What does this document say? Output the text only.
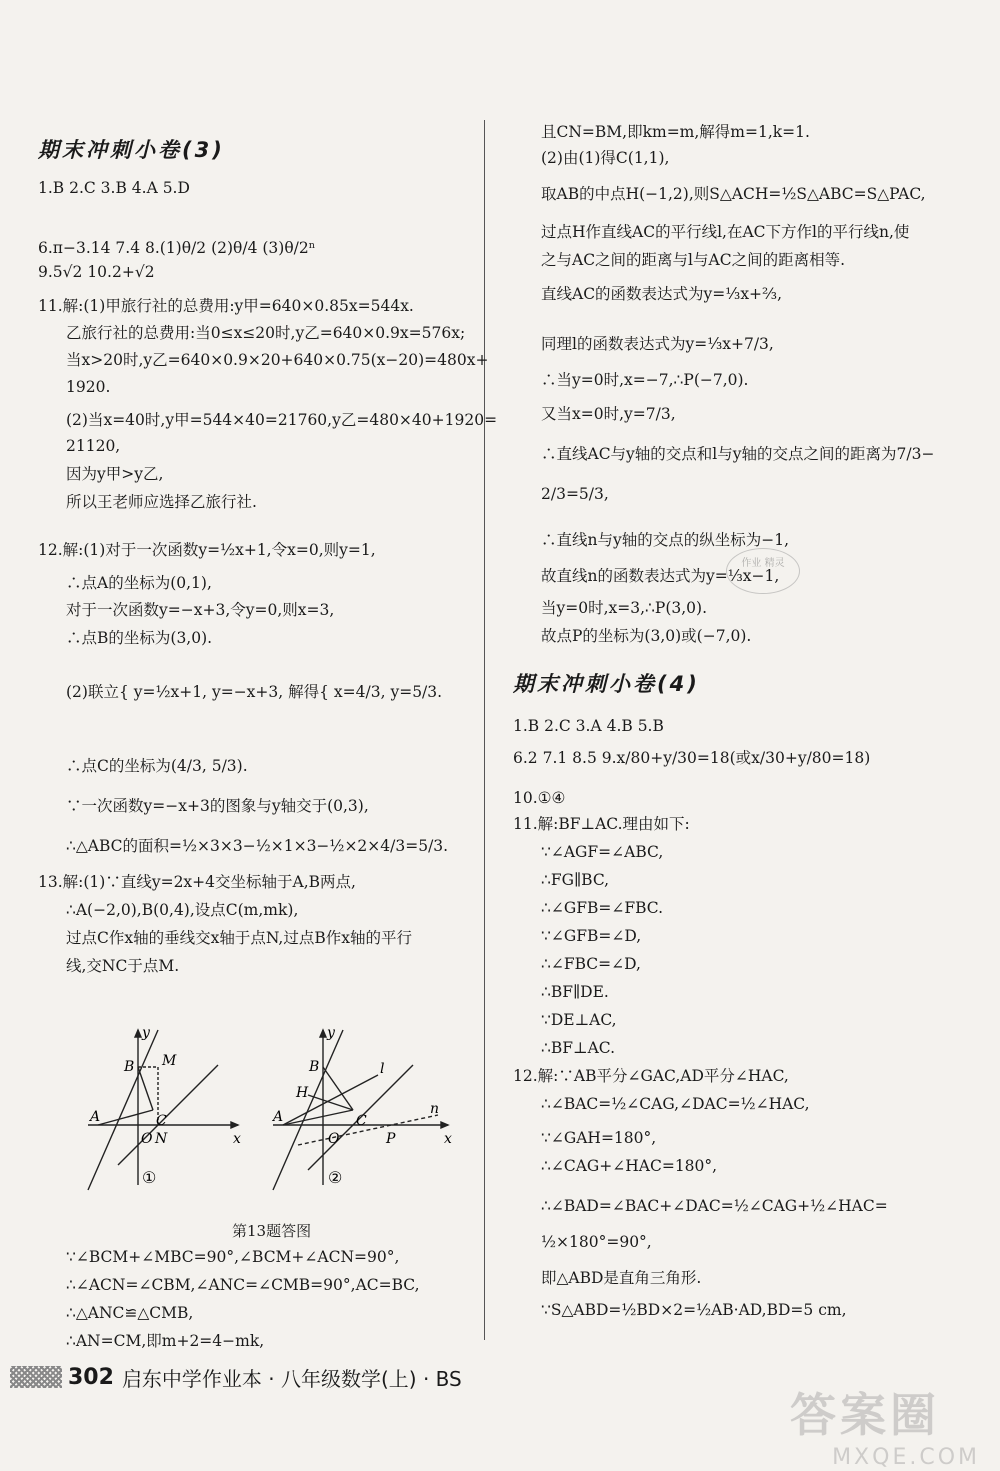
期末冲刺小卷(3)
1.B 2.C 3.B 4.A 5.D
6.π−3.14 7.4 8.(1)θ/2 (2)θ/4 (3)θ/2ⁿ
9.5√2 10.2+√2
11.解:(1)甲旅行社的总费用:y甲=640×0.85x=544x.
乙旅行社的总费用:当0≤x≤20时,y乙=640×0.9x=576x;
当x>20时,y乙=640×0.9×20+640×0.75(x−20)=480x+
1920.
(2)当x=40时,y甲=544×40=21760,y乙=480×40+1920=
21120,
因为y甲>y乙,
所以王老师应选择乙旅行社.
12.解:(1)对于一次函数y=½x+1,令x=0,则y=1,
∴点A的坐标为(0,1),
对于一次函数y=−x+3,令y=0,则x=3,
∴点B的坐标为(3,0).
(2)联立{ y=½x+1, y=−x+3, 解得{ x=4/3, y=5/3.
∴点C的坐标为(4/3, 5/3).
∵一次函数y=−x+3的图象与y轴交于(0,3),
∴△ABC的面积=½×3×3−½×1×3−½×2×4/3=5/3.
13.解:(1)∵直线y=2x+4交坐标轴于A,B两点,
∴A(−2,0),B(0,4),设点C(m,mk),
过点C作x轴的垂线交x轴于点N,过点B作x轴的平行
线,交NC于点M.
∵∠BCM+∠MBC=90°,∠BCM+∠ACN=90°,
∴∠ACN=∠CBM,∠ANC=∠CMB=90°,AC=BC,
∴△ANC≌△CMB,
∴AN=CM,即m+2=4−mk,
y
x
B M
A	C
O N
①
y
x
B	l
H
A	C
n
O	P
②
第13题答图
且CN=BM,即km=m,解得m=1,k=1.
(2)由(1)得C(1,1),
取AB的中点H(−1,2),则S△ACH=½S△ABC=S△PAC,
过点H作直线AC的平行线l,在AC下方作l的平行线n,使
之与AC之间的距离与l与AC之间的距离相等.
直线AC的函数表达式为y=⅓x+⅔,
同理l的函数表达式为y=⅓x+7/3,
∴当y=0时,x=−7,∴P(−7,0).
又当x=0时,y=7/3,
∴直线AC与y轴的交点和l与y轴的交点之间的距离为7/3−
2/3=5/3,
∴直线n与y轴的交点的纵坐标为−1,
故直线n的函数表达式为y=⅓x−1,
当y=0时,x=3,∴P(3,0).
故点P的坐标为(3,0)或(−7,0).
期末冲刺小卷(4)
1.B 2.C 3.A 4.B 5.B
6.2 7.1 8.5 9.x/80+y/30=18(或x/30+y/80=18)
10.①④
11.解:BF⊥AC.理由如下:
∵∠AGF=∠ABC,
∴FG∥BC,
∴∠GFB=∠FBC.
∵∠GFB=∠D,
∴∠FBC=∠D,
∴BF∥DE.
∵DE⊥AC,
∴BF⊥AC.
12.解:∵AB平分∠GAC,AD平分∠HAC,
∴∠BAC=½∠CAG,∠DAC=½∠HAC,
∵∠GAH=180°,
∴∠CAG+∠HAC=180°,
∴∠BAD=∠BAC+∠DAC=½∠CAG+½∠HAC=
½×180°=90°,
即△ABD是直角三角形.
∵S△ABD=½BD×2=½AB·AD,BD=5 cm,
作业 精灵
302 启东中学作业本 · 八年级数学(上) · BS
答案圈
MXQE.COM
